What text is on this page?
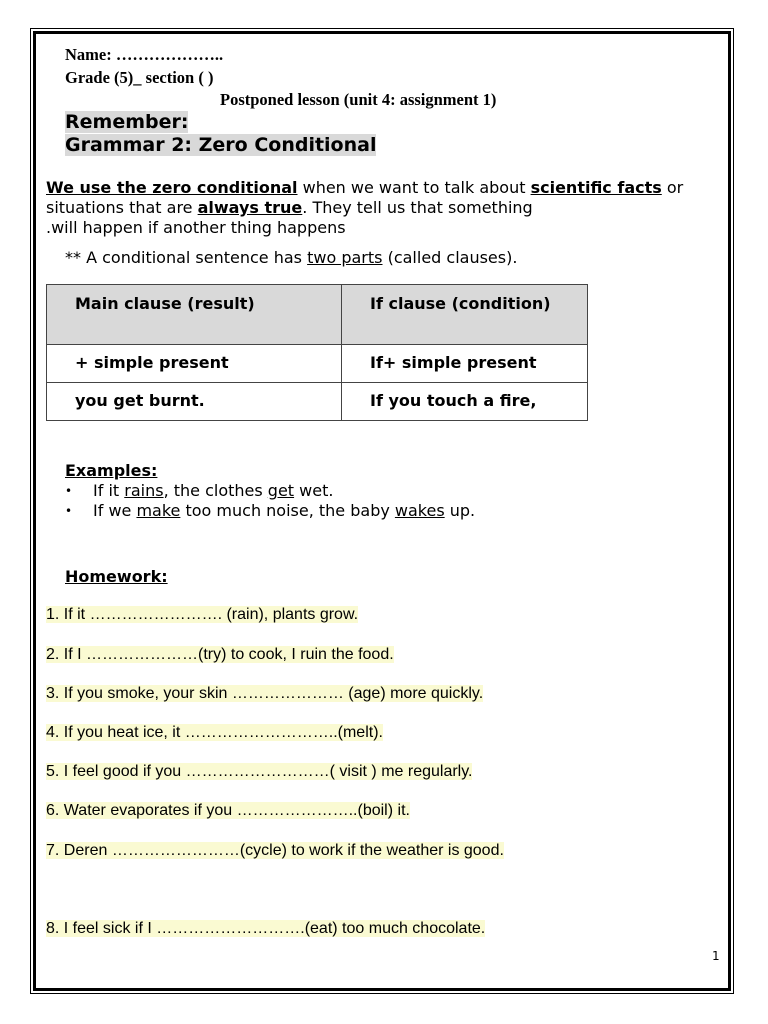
Name: ………………..
Grade (5)_ section ( )
Postponed lesson (unit 4: assignment 1)
Remember:
Grammar 2: Zero Conditional

We use the zero conditional when we want to talk about scientific facts or situations that are always true. They tell us that something

.will happen if another thing happens

** A conditional sentence has two parts (called clauses).
Main clause (result)	If clause (condition)
+ simple present	If+ simple present
you get burnt.	If you touch a fire,
Examples:
• If it rains, the clothes get wet.
• If we make too much noise, the baby wakes up.
Homework:
1. If it ……………………. (rain), plants grow.
2. If I …………………(try) to cook, I ruin the food.
3. If you smoke, your skin ………………… (age) more quickly.
4. If you heat ice, it ………………………..(melt).
5. I feel good if you ………………………( visit ) me regularly.
6. Water evaporates if you …………………..(boil) it.
7. Deren ……………………(cycle) to work if the weather is good.
8. I feel sick if I ……………………….(eat) too much chocolate.
1
